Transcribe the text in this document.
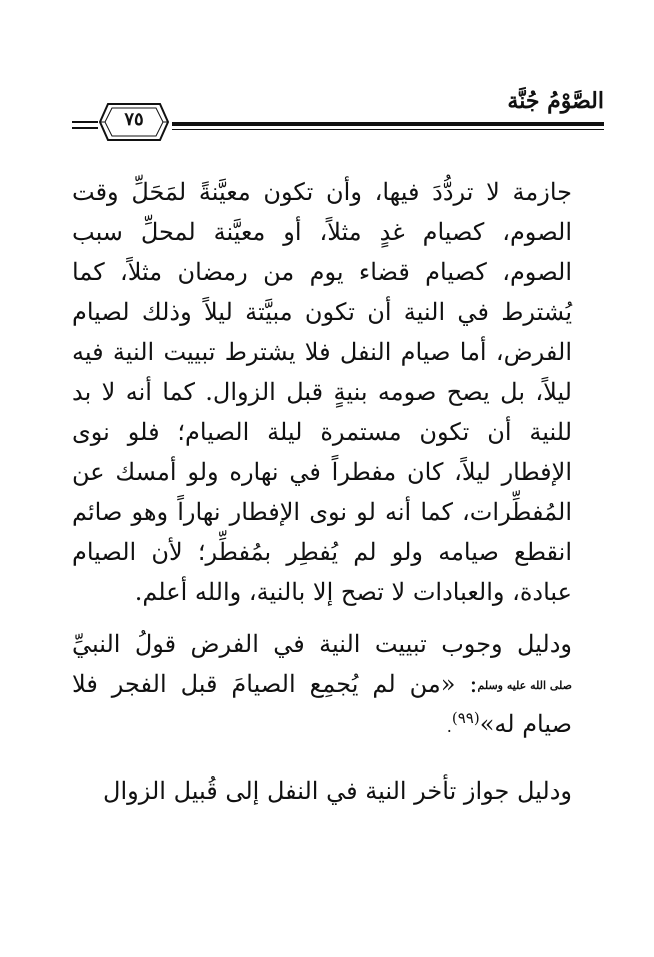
الصَّوْمُ جُنَّة
٧٥

جازمة لا تردُّدَ فيها، وأن تكون معيَّنةً لمَحَلِّ وقت الصوم، كصيام غدٍ مثلاً، أو معيَّنة لمحلِّ سبب الصوم، كصيام قضاء يوم من رمضان مثلاً، كما يُشترط في النية أن تكون مبيَّتة ليلاً وذلك لصيام الفرض، أما صيام النفل فلا يشترط تبييت النية فيه ليلاً، بل يصح صومه بنيةٍ قبل الزوال. كما أنه لا بد للنية أن تكون مستمرة ليلة الصيام؛ فلو نوى الإفطار ليلاً، كان مفطراً في نهاره ولو أمسك عن المُفطِّرات، كما أنه لو نوى الإفطار نهاراً وهو صائم انقطع صيامه ولو لم يُفطِر بمُفطِّر؛ لأن الصيام عبادة، والعبادات لا تصح إلا بالنية، والله أعلم.

ودليل وجوب تبييت النية في الفرض قولُ النبيِّ صلى الله عليه وسلم: «من لم يُجمِع الصيامَ قبل الفجر فلا صيام له»$^{(٩٩)}$.

ودليل جواز تأخر النية في النفل إلى قُبيل الزوال
